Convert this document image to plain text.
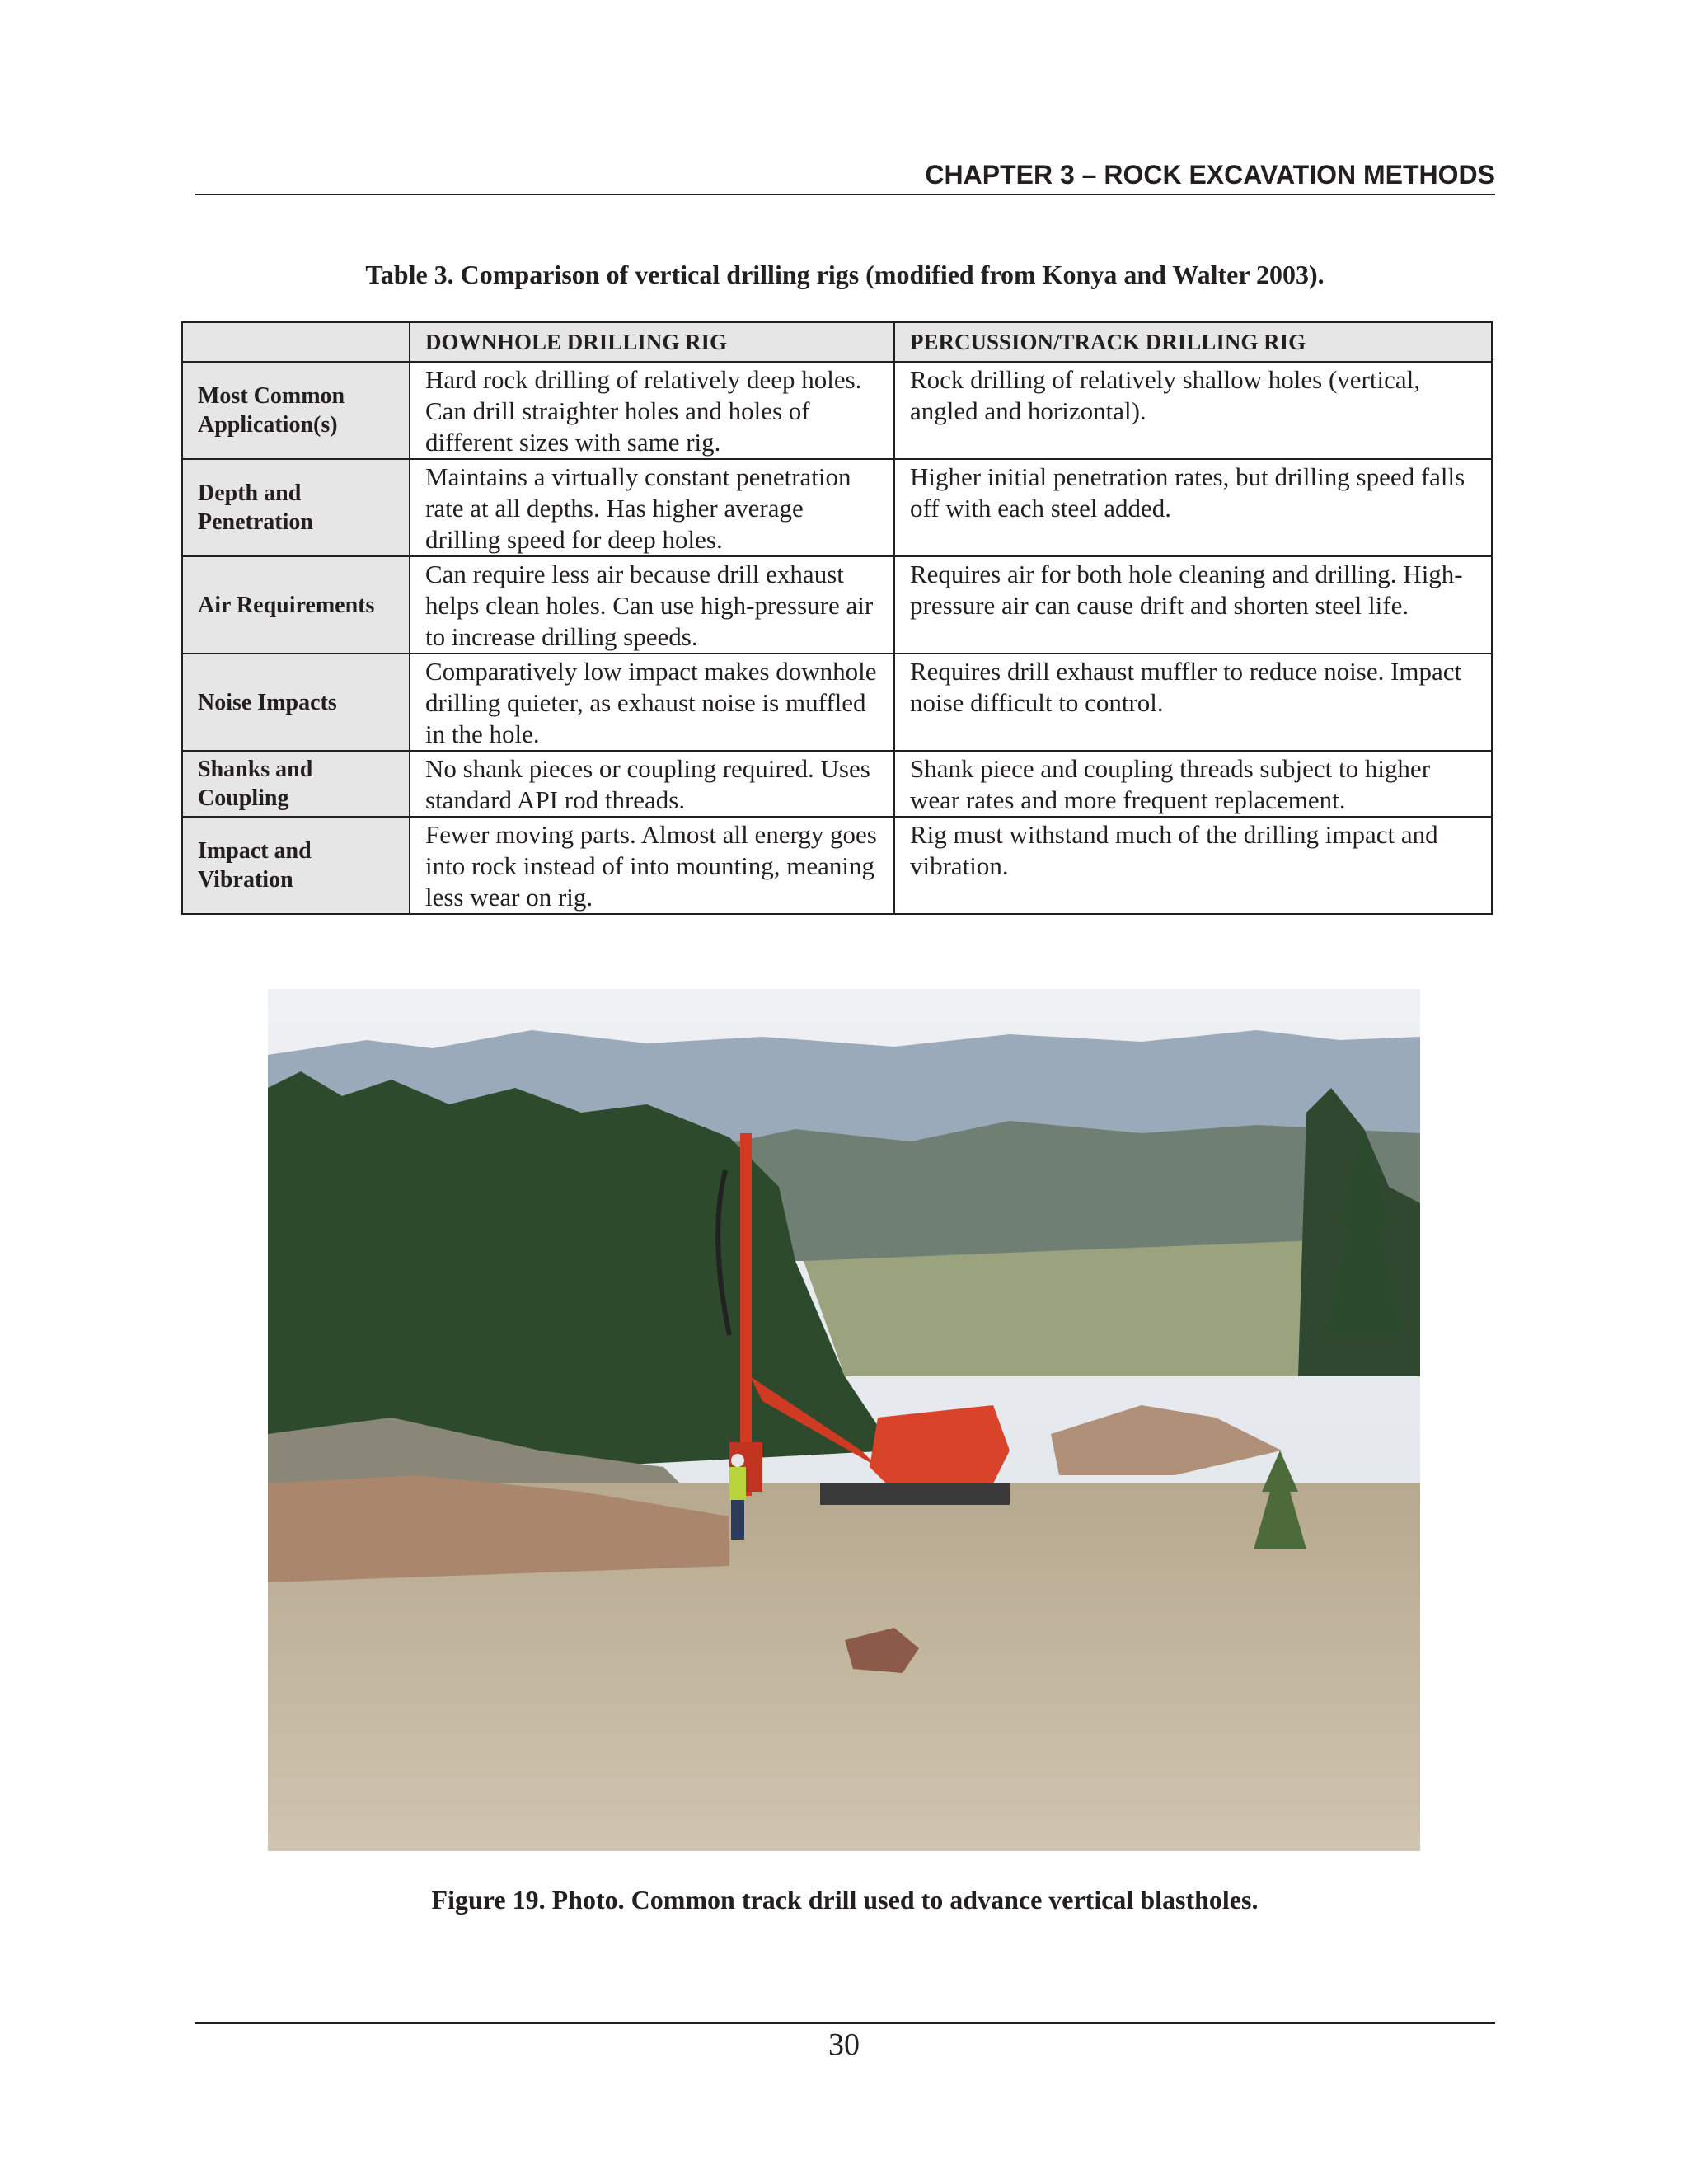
CHAPTER 3 – ROCK EXCAVATION METHODS
Table 3. Comparison of vertical drilling rigs (modified from Konya and Walter 2003).
	DOWNHOLE DRILLING RIG	PERCUSSION/TRACK DRILLING RIG
Most Common Application(s)	Hard rock drilling of relatively deep holes. Can drill straighter holes and holes of different sizes with same rig.	Rock drilling of relatively shallow holes (vertical, angled and horizontal).
Depth and Penetration	Maintains a virtually constant penetration rate at all depths. Has higher average drilling speed for deep holes.	Higher initial penetration rates, but drilling speed falls off with each steel added.
Air Requirements	Can require less air because drill exhaust helps clean holes. Can use high-pressure air to increase drilling speeds.	Requires air for both hole cleaning and drilling. High-pressure air can cause drift and shorten steel life.
Noise Impacts	Comparatively low impact makes downhole drilling quieter, as exhaust noise is muffled in the hole.	Requires drill exhaust muffler to reduce noise. Impact noise difficult to control.
Shanks and Coupling	No shank pieces or coupling required. Uses standard API rod threads.	Shank piece and coupling threads subject to higher wear rates and more frequent replacement.
Impact and Vibration	Fewer moving parts. Almost all energy goes into rock instead of into mounting, meaning less wear on rig.	Rig must withstand much of the drilling impact and vibration.
Figure 19. Photo. Common track drill used to advance vertical blastholes.
30
